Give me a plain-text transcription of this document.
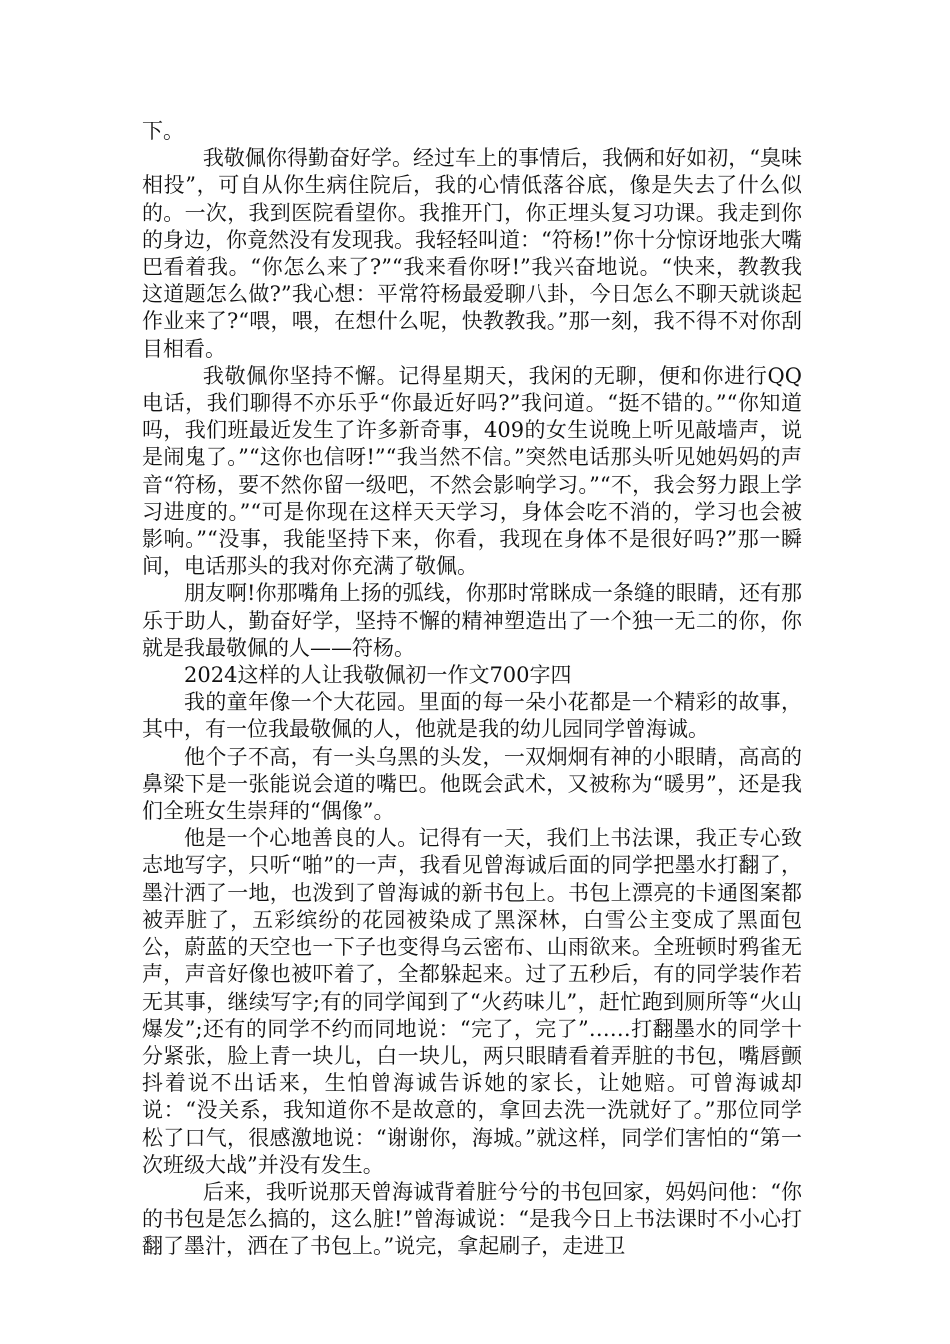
下。

我敬佩你得勤奋好学。经过车上的事情后，我俩和好如初，“臭味相投”，可自从你生病住院后，我的心情低落谷底，像是失去了什么似的。一次，我到医院看望你。我推开门，你正埋头复习功课。我走到你的身边，你竟然没有发现我。我轻轻叫道：“符杨!”你十分惊讶地张大嘴巴看着我。“你怎么来了?”“我来看你呀!”我兴奋地说。“快来，教教我这道题怎么做?”我心想：平常符杨最爱聊八卦，今日怎么不聊天就谈起作业来了?“喂，喂，在想什么呢，快教教我。”那一刻，我不得不对你刮目相看。

我敬佩你坚持不懈。记得星期天，我闲的无聊，便和你进行QQ电话，我们聊得不亦乐乎“你最近好吗?”我问道。“挺不错的。”“你知道吗，我们班最近发生了许多新奇事，409的女生说晚上听见敲墙声，说是闹鬼了。”“这你也信呀!”“我当然不信。”突然电话那头听见她妈妈的声音“符杨，要不然你留一级吧，不然会影响学习。”“不，我会努力跟上学习进度的。”“可是你现在这样天天学习，身体会吃不消的，学习也会被影响。”“没事，我能坚持下来，你看，我现在身体不是很好吗?”那一瞬间，电话那头的我对你充满了敬佩。

朋友啊!你那嘴角上扬的弧线，你那时常眯成一条缝的眼睛，还有那乐于助人，勤奋好学，坚持不懈的精神塑造出了一个独一无二的你，你就是我最敬佩的人——符杨。

2024这样的人让我敬佩初一作文700字四

我的童年像一个大花园。里面的每一朵小花都是一个精彩的故事，其中，有一位我最敬佩的人，他就是我的幼儿园同学曾海诚。

他个子不高，有一头乌黑的头发，一双炯炯有神的小眼睛，高高的鼻梁下是一张能说会道的嘴巴。他既会武术，又被称为“暖男”，还是我们全班女生崇拜的“偶像”。

他是一个心地善良的人。记得有一天，我们上书法课，我正专心致志地写字，只听“啪”的一声，我看见曾海诚后面的同学把墨水打翻了，墨汁洒了一地，也泼到了曾海诚的新书包上。书包上漂亮的卡通图案都被弄脏了，五彩缤纷的花园被染成了黑深林，白雪公主变成了黑面包公，蔚蓝的天空也一下子也变得乌云密布、山雨欲来。全班顿时鸦雀无声，声音好像也被吓着了，全都躲起来。过了五秒后，有的同学装作若无其事，继续写字;有的同学闻到了“火药味儿”，赶忙跑到厕所等“火山爆发”;还有的同学不约而同地说：“完了，完了”……打翻墨水的同学十分紧张，脸上青一块儿，白一块儿，两只眼睛看着弄脏的书包，嘴唇颤抖着说不出话来，生怕曾海诚告诉她的家长，让她赔。可曾海诚却说：“没关系，我知道你不是故意的，拿回去洗一洗就好了。”那位同学松了口气，很感激地说：“谢谢你，海城。”就这样，同学们害怕的“第一次班级大战”并没有发生。

后来，我听说那天曾海诚背着脏兮兮的书包回家，妈妈问他：“你的书包是怎么搞的，这么脏!”曾海诚说：“是我今日上书法课时不小心打翻了墨汁，洒在了书包上。”说完，拿起刷子，走进卫
